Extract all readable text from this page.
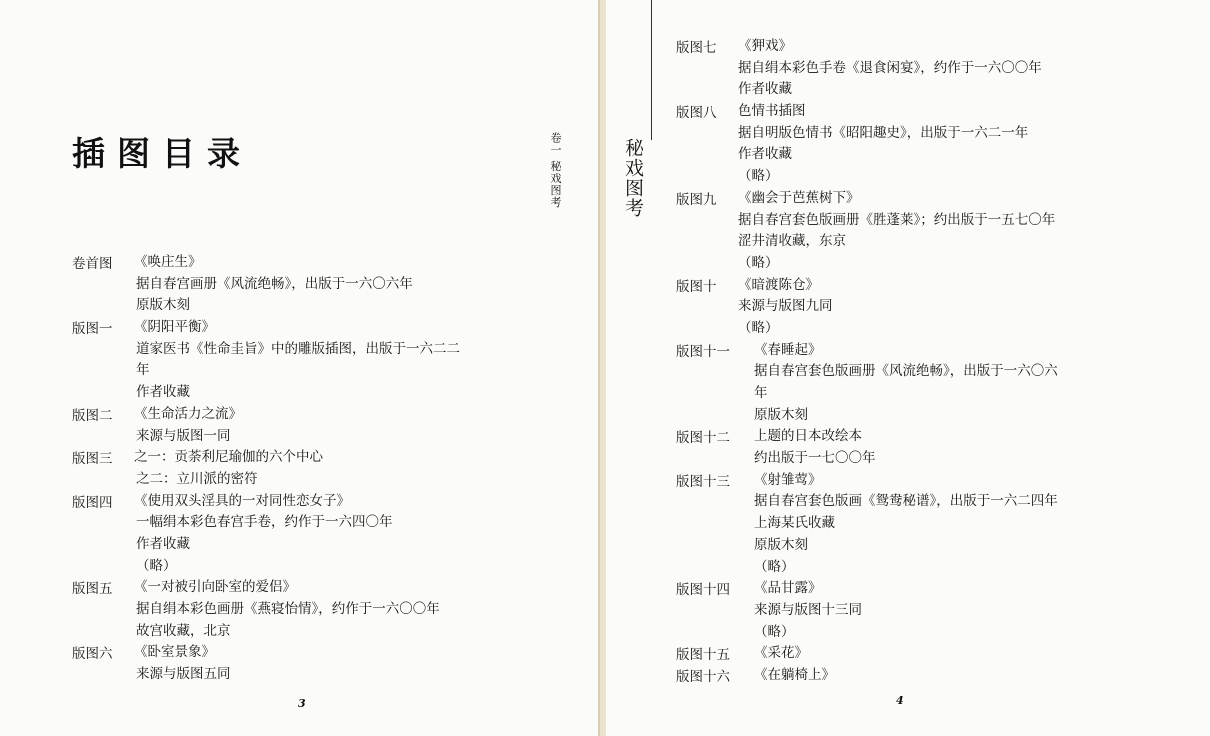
插图目录	卷一 秘戏图考	秘戏图考
卷首图 《唤庄生》
据自春宫画册《风流绝畅》，出版于一六〇六年
原版木刻
版图一 《阴阳平衡》
道家医书《性命圭旨》中的雕版插图，出版于一六二二
年
作者收藏
版图二 《生命活力之流》
来源与版图一同
版图三 之一：贡荼利尼瑜伽的六个中心
之二：立川派的密符
版图四 《使用双头淫具的一对同性恋女子》
一幅绢本彩色春宫手卷，约作于一六四〇年
作者收藏
（略）
版图五 《一对被引向卧室的爱侣》
据自绢本彩色画册《燕寝怡情》，约作于一六〇〇年
故宫收藏，北京
版图六 《卧室景象》
来源与版图五同
版图七 《狎戏》
据自绢本彩色手卷《退食闲宴》，约作于一六〇〇年
作者收藏
版图八 色情书插图
据自明版色情书《昭阳趣史》，出版于一六二一年
作者收藏
（略）
版图九 《幽会于芭蕉树下》
据自春宫套色版画册《胜蓬莱》；约出版于一五七〇年
涩井清收藏，东京
（略）
版图十 《暗渡陈仓》
来源与版图九同
（略）
版图十一 《春睡起》
据自春宫套色版画册《风流绝畅》，出版于一六〇六
年
原版木刻
版图十二 上题的日本改绘本
约出版于一七〇〇年
版图十三 《射雏莺》
据自春宫套色版画《鸳鸯秘谱》，出版于一六二四年
上海某氏收藏
原版木刻
（略）
版图十四 《品甘露》
来源与版图十三同
（略）
版图十五 《采花》
版图十六 《在躺椅上》
3	4
